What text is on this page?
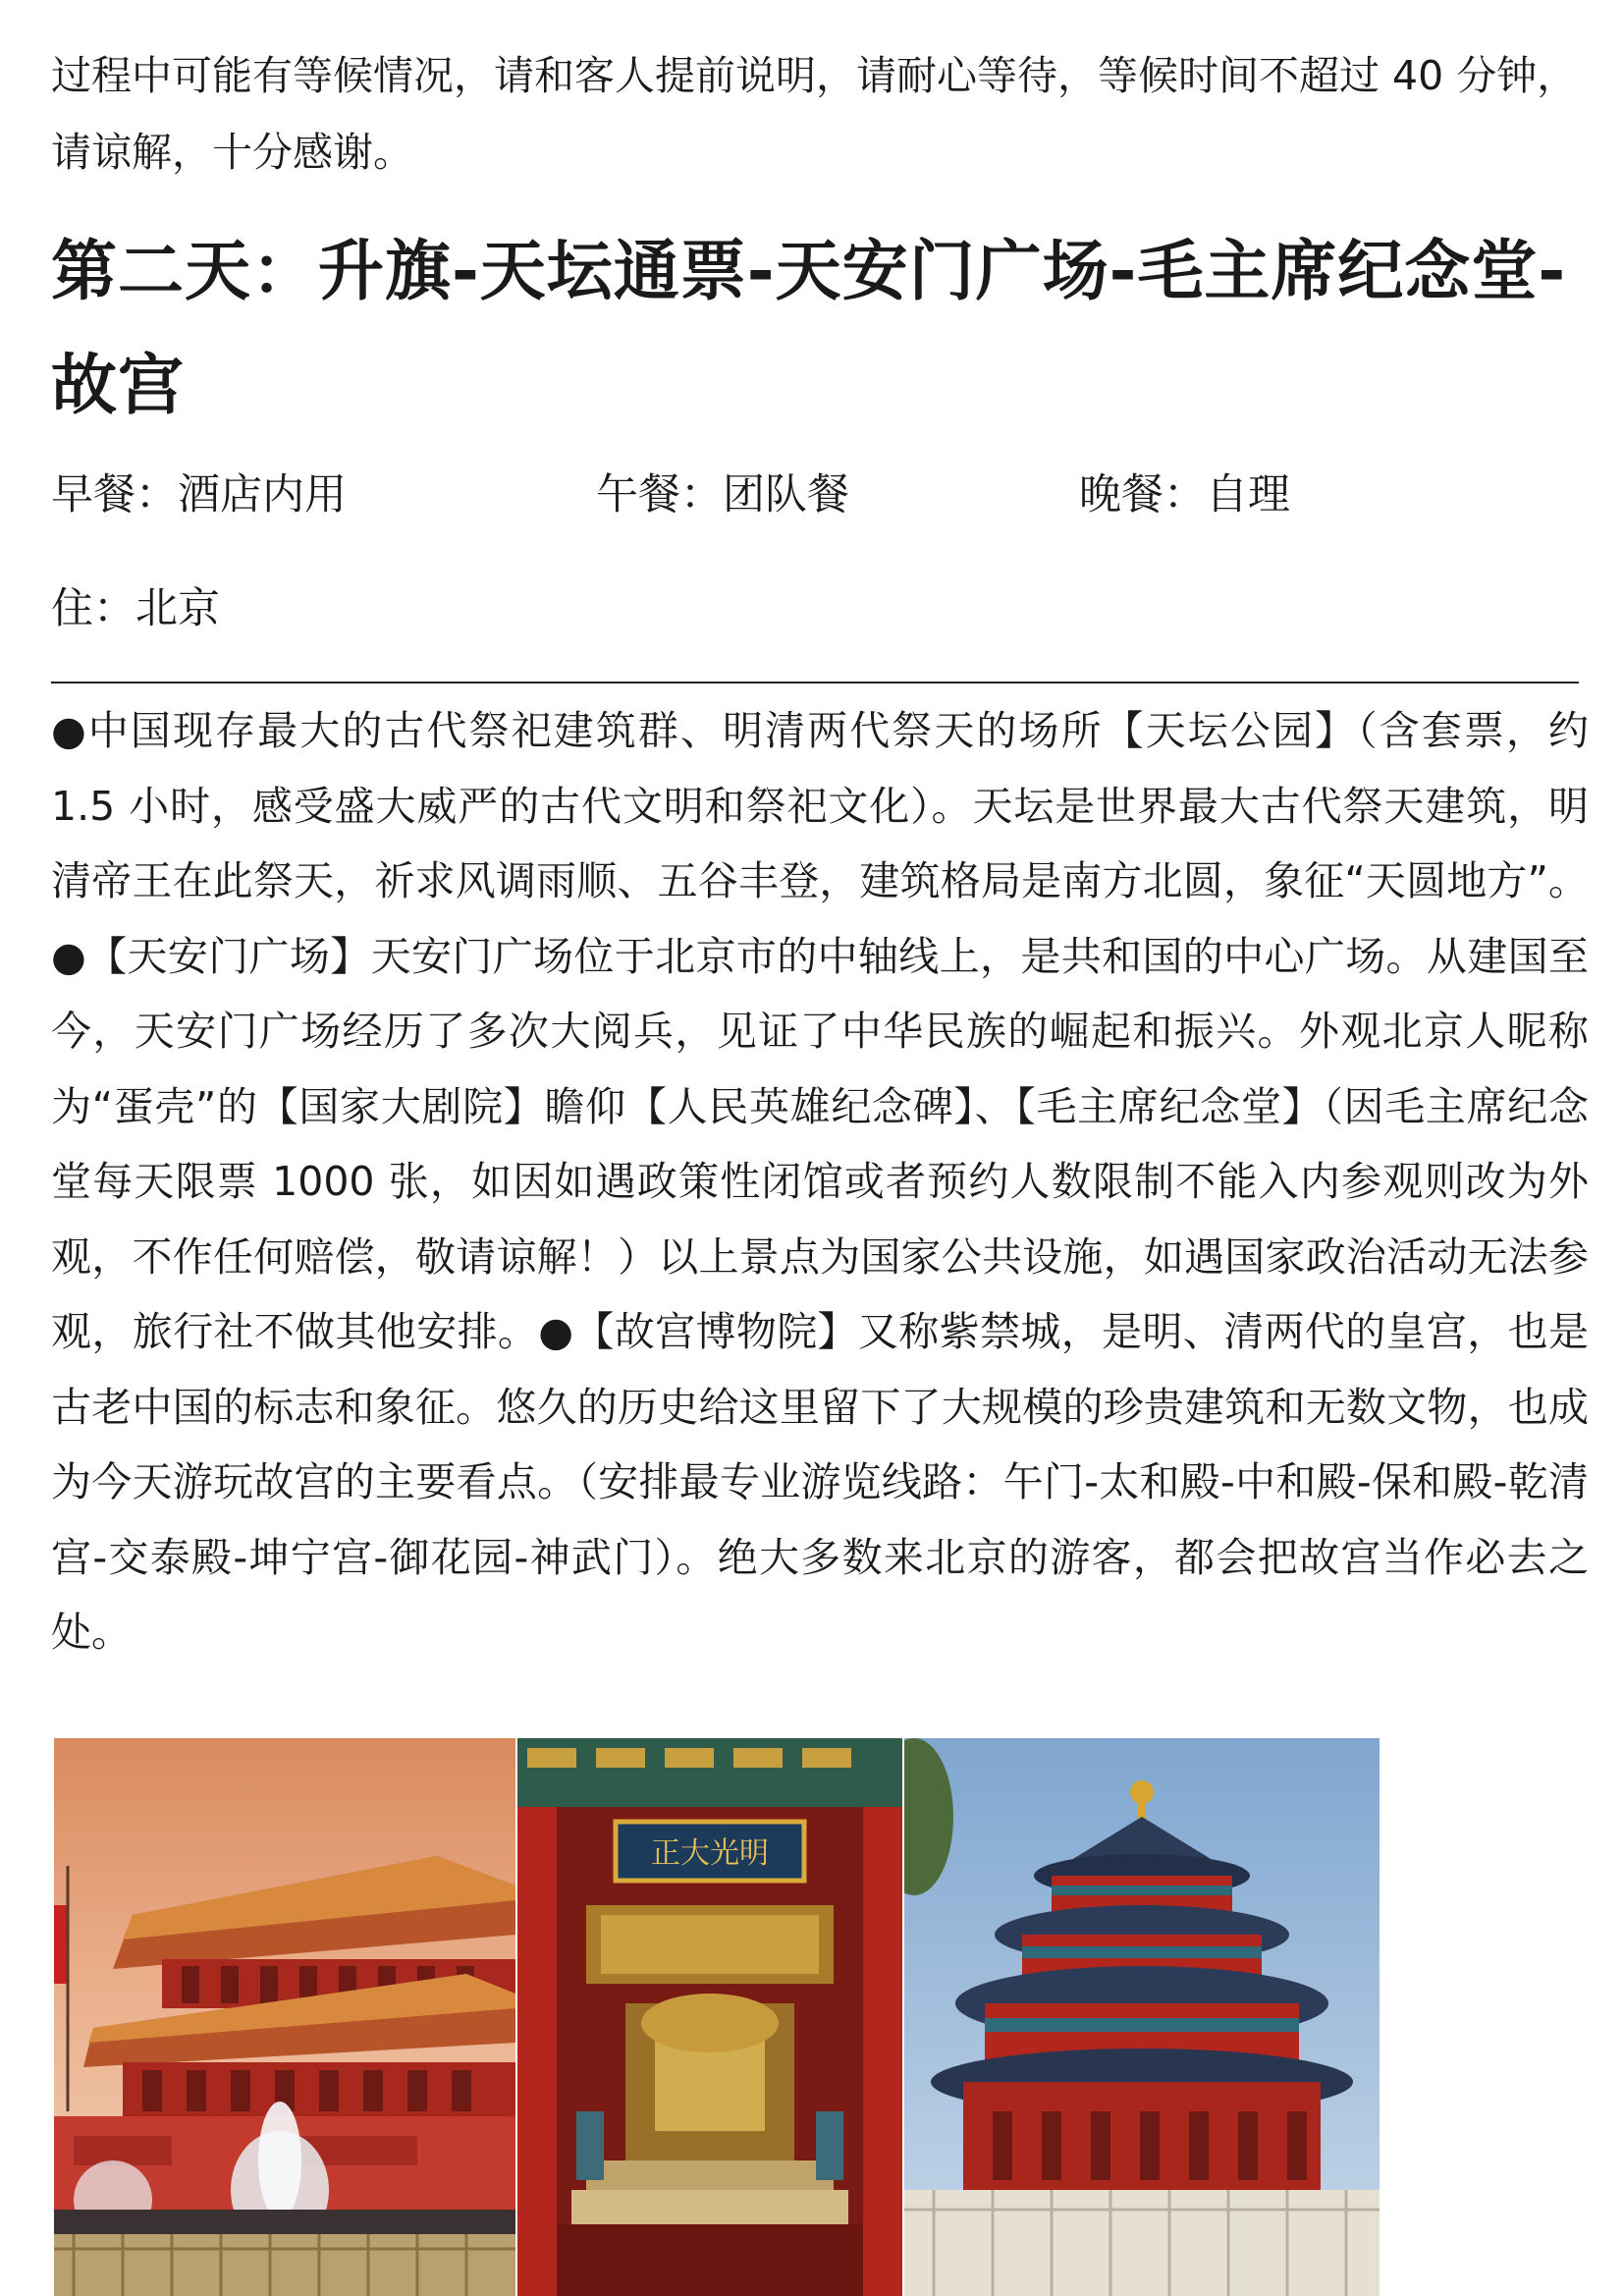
过程中可能有等候情况，请和客人提前说明，请耐心等待，等候时间不超过 40 分钟，请谅解，十分感谢。

第二天：升旗-天坛通票-天安门广场-毛主席纪念堂-故宫
早餐：酒店内用	午餐：团队餐	晚餐：自理

住：北京

●中国现存最大的古代祭祀建筑群、明清两代祭天的场所【天坛公园】（含套票，约 1.5 小时，感受盛大威严的古代文明和祭祀文化）。天坛是世界最大古代祭天建筑，明清帝王在此祭天，祈求风调雨顺、五谷丰登，建筑格局是南方北圆，象征“天圆地方”。●【天安门广场】天安门广场位于北京市的中轴线上，是共和国的中心广场。从建国至今，天安门广场经历了多次大阅兵，见证了中华民族的崛起和振兴。外观北京人昵称为“蛋壳”的【国家大剧院】瞻仰【人民英雄纪念碑】、【毛主席纪念堂】（因毛主席纪念堂每天限票 1000 张，如因如遇政策性闭馆或者预约人数限制不能入内参观则改为外观，不作任何赔偿，敬请谅解！）以上景点为国家公共设施，如遇国家政治活动无法参观，旅行社不做其他安排。●【故宫博物院】又称紫禁城，是明、清两代的皇宫，也是古老中国的标志和象征。悠久的历史给这里留下了大规模的珍贵建筑和无数文物，也成为今天游玩故宫的主要看点。（安排最专业游览线路：午门-太和殿-中和殿-保和殿-乾清宫-交泰殿-坤宁宫-御花园-神武门）。绝大多数来北京的游客，都会把故宫当作必去之处。

正大光明
